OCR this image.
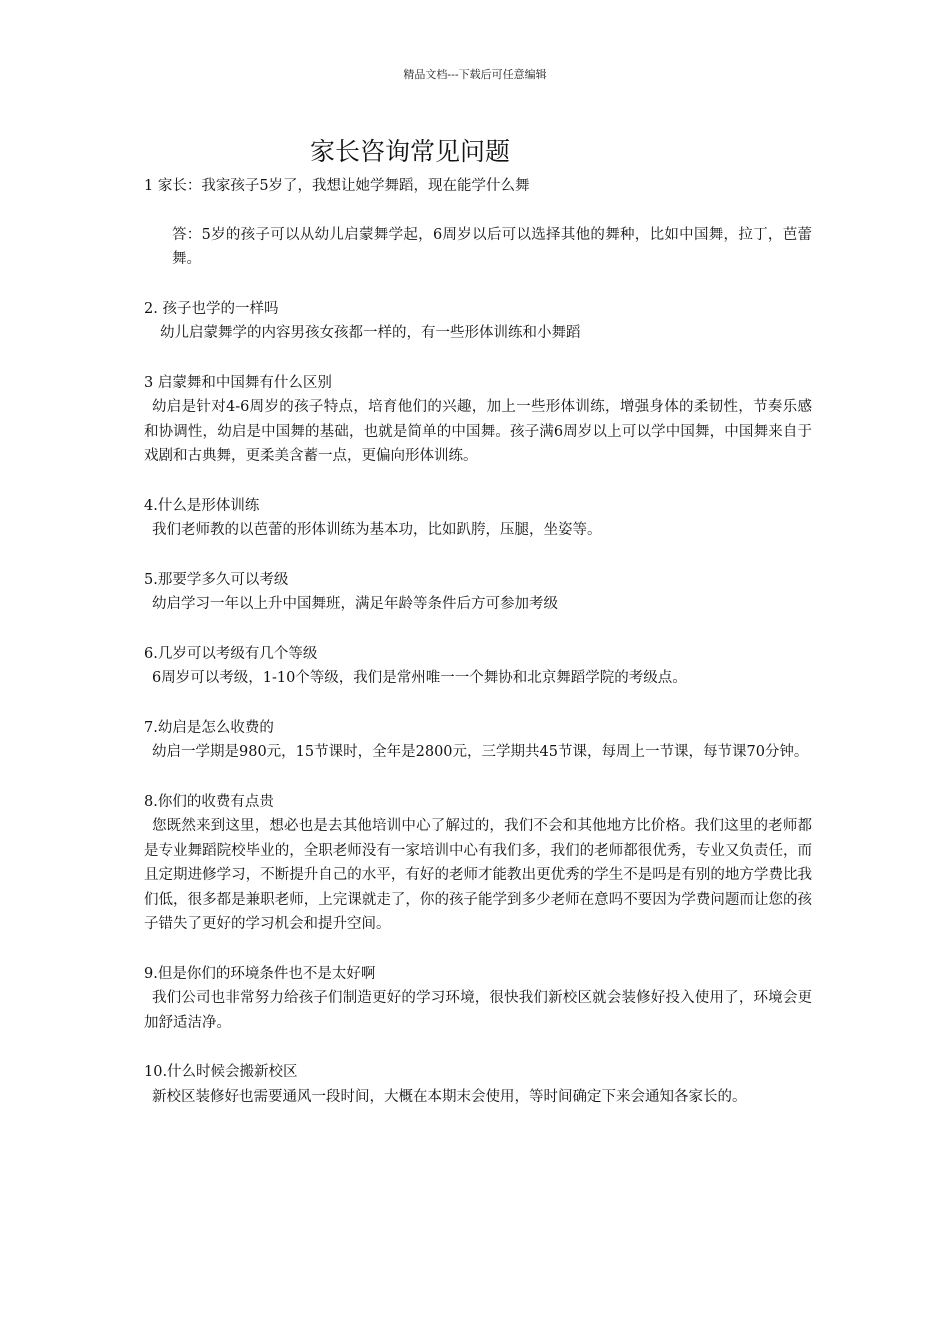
精品文档---下载后可任意编辑
家长咨询常见问题

1 家长：我家孩子5岁了，我想让她学舞蹈，现在能学什么舞

答：5岁的孩子可以从幼儿启蒙舞学起，6周岁以后可以选择其他的舞种，比如中国舞，拉丁，芭蕾舞。

2. 孩子也学的一样吗

幼儿启蒙舞学的内容男孩女孩都一样的，有一些形体训练和小舞蹈

3 启蒙舞和中国舞有什么区别

幼启是针对4-6周岁的孩子特点，培育他们的兴趣，加上一些形体训练，增强身体的柔韧性，节奏乐感和协调性，幼启是中国舞的基础，也就是简单的中国舞。孩子满6周岁以上可以学中国舞，中国舞来自于戏剧和古典舞，更柔美含蓄一点，更偏向形体训练。

4.什么是形体训练

我们老师教的以芭蕾的形体训练为基本功，比如趴胯，压腿，坐姿等。

5.那要学多久可以考级

幼启学习一年以上升中国舞班，满足年龄等条件后方可参加考级

6.几岁可以考级有几个等级

6周岁可以考级，1-10个等级，我们是常州唯一一个舞协和北京舞蹈学院的考级点。

7.幼启是怎么收费的

幼启一学期是980元，15节课时，全年是2800元，三学期共45节课，每周上一节课，每节课70分钟。

8.你们的收费有点贵

您既然来到这里，想必也是去其他培训中心了解过的，我们不会和其他地方比价格。我们这里的老师都是专业舞蹈院校毕业的，全职老师没有一家培训中心有我们多，我们的老师都很优秀，专业又负责任，而且定期进修学习，不断提升自己的水平，有好的老师才能教出更优秀的学生不是吗是有别的地方学费比我们低，很多都是兼职老师，上完课就走了，你的孩子能学到多少老师在意吗不要因为学费问题而让您的孩子错失了更好的学习机会和提升空间。

9.但是你们的环境条件也不是太好啊

我们公司也非常努力给孩子们制造更好的学习环境，很快我们新校区就会装修好投入使用了，环境会更加舒适洁净。

10.什么时候会搬新校区

新校区装修好也需要通风一段时间，大概在本期末会使用，等时间确定下来会通知各家长的。
